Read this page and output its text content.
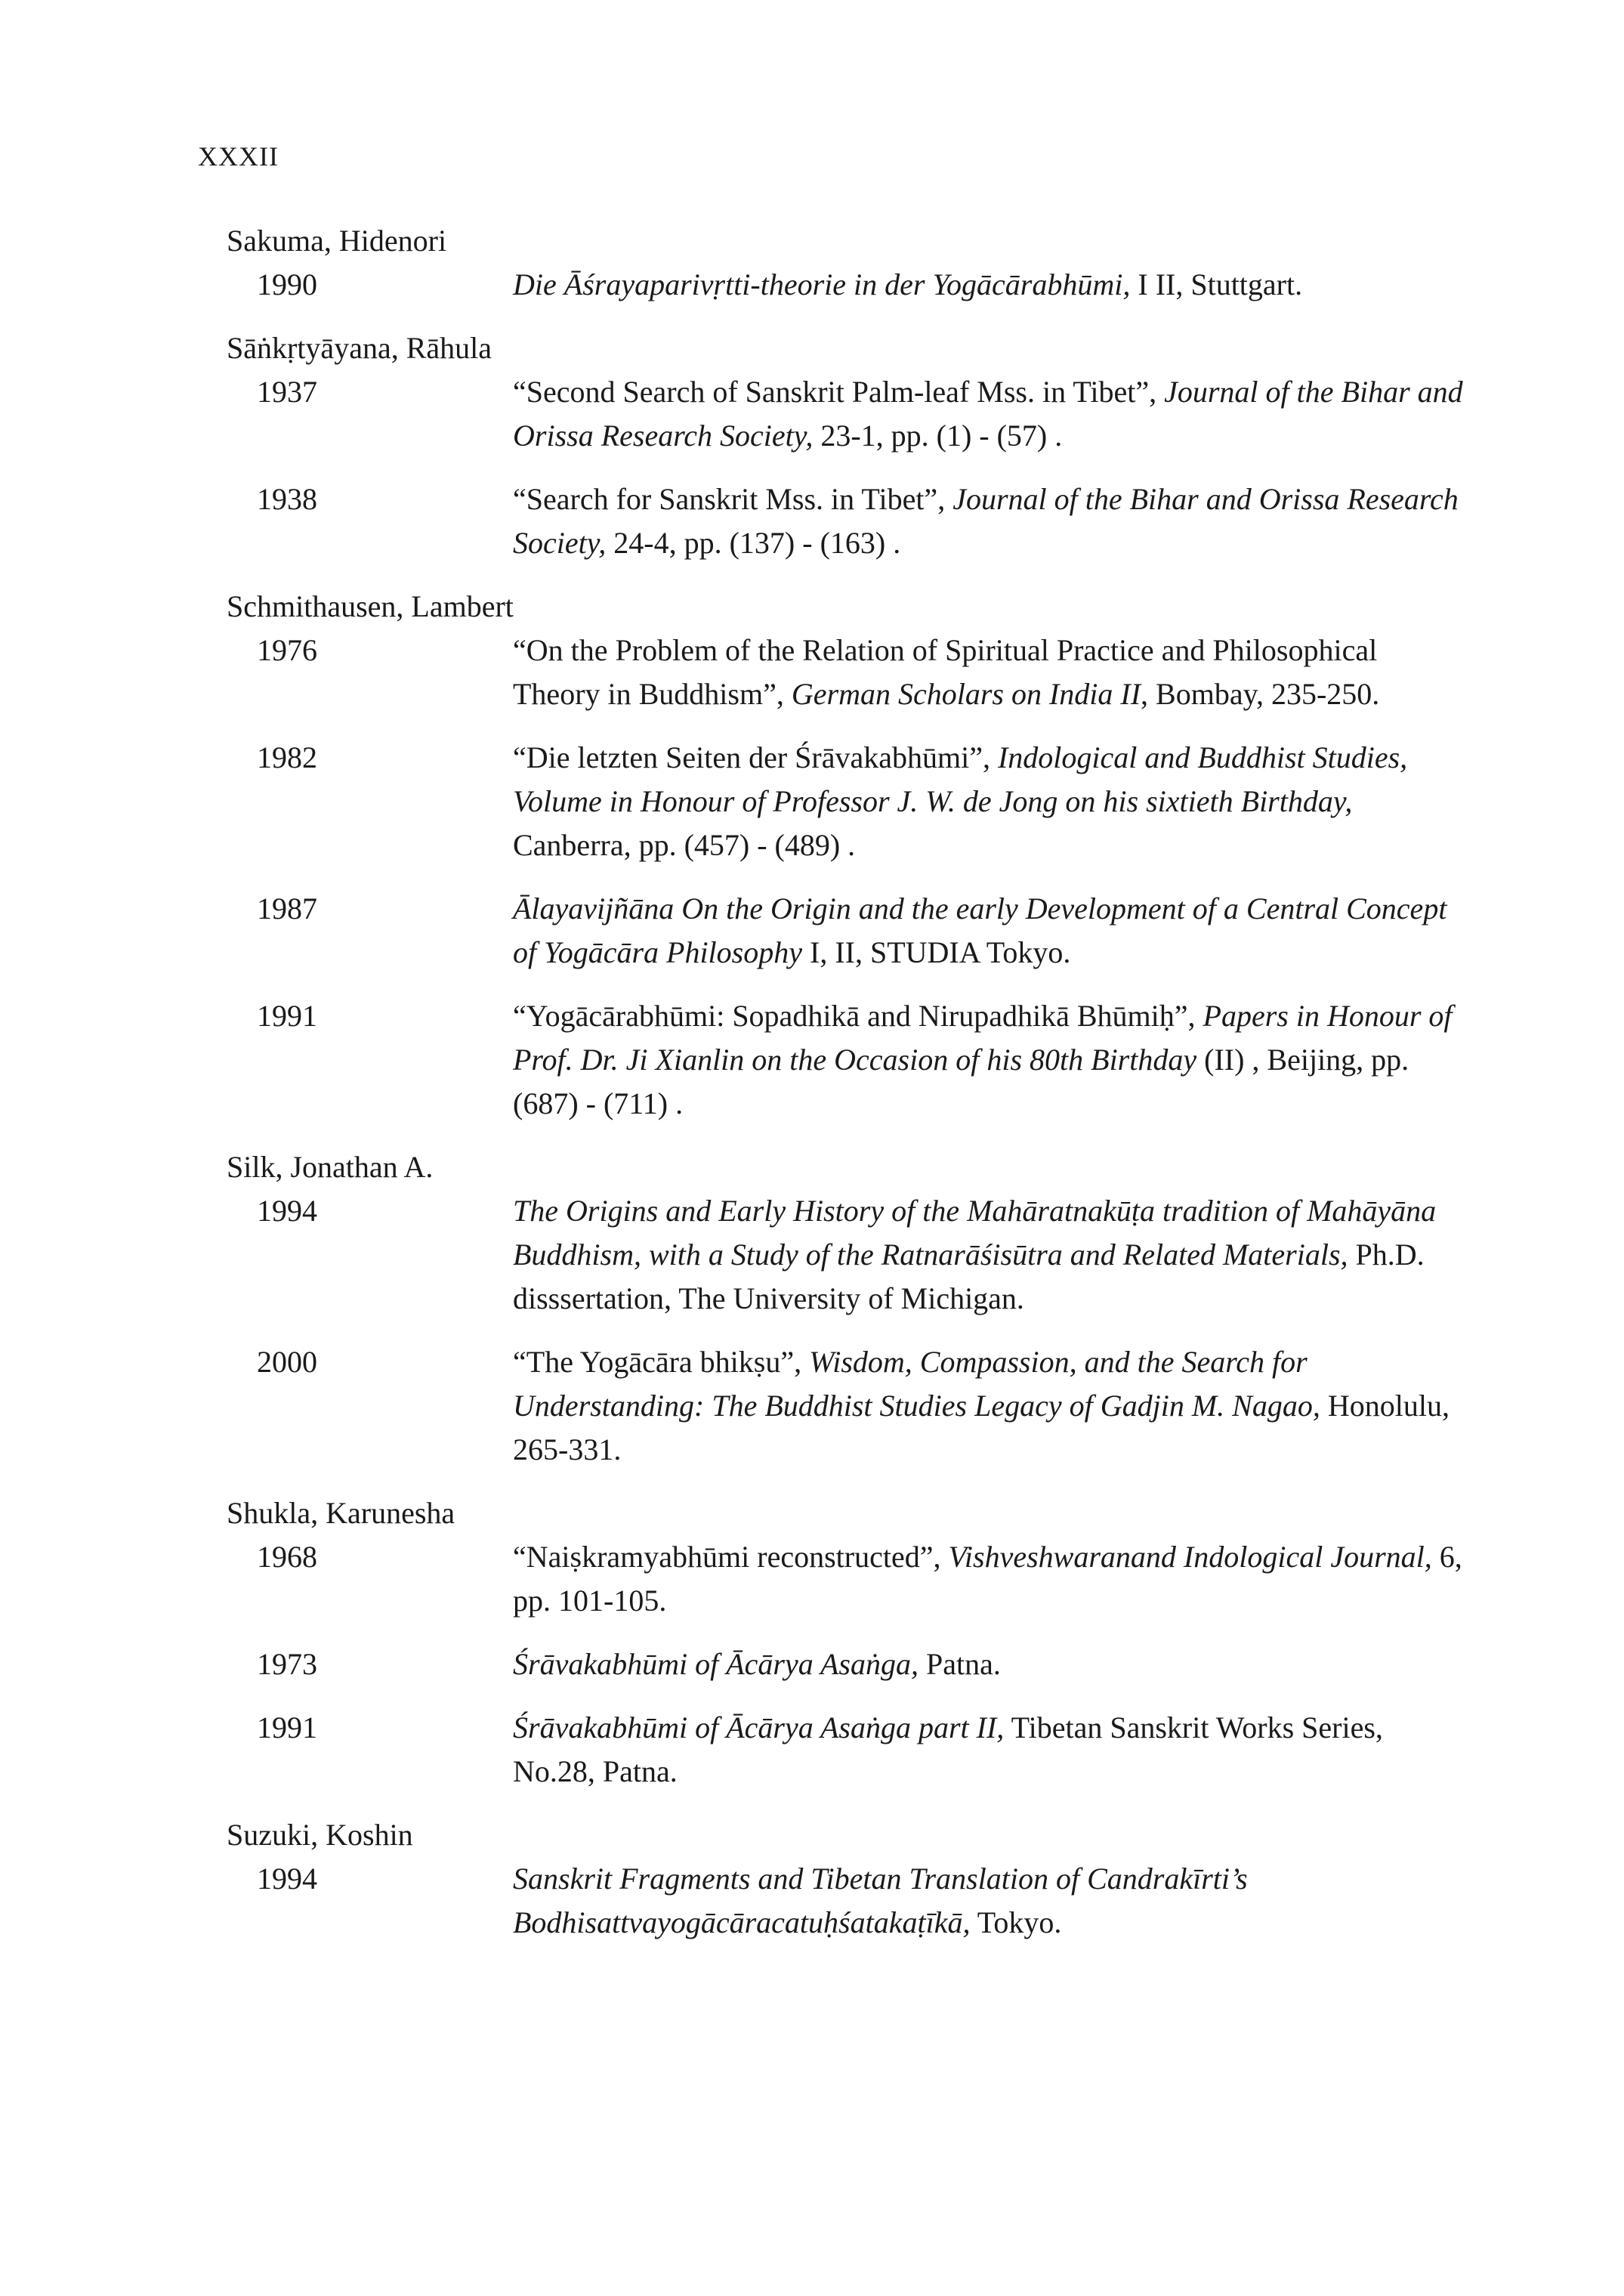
XXXII
Sakuma, Hidenori
1990	Die Āśrayaparivṛtti-theorie in der Yogācārabhūmi, I II, Stuttgart.
Sāṅkṛtyāyana, Rāhula
1937	“Second Search of Sanskrit Palm-leaf Mss. in Tibet”, Journal of the Bihar and Orissa Research Society, 23-1, pp. (1) - (57) .
1938	“Search for Sanskrit Mss. in Tibet”, Journal of the Bihar and Orissa Research Society, 24-4, pp. (137) - (163) .
Schmithausen, Lambert
1976	“On the Problem of the Relation of Spiritual Practice and Philosophical Theory in Buddhism”, German Scholars on India II, Bombay, 235-250.
1982	“Die letzten Seiten der Śrāvakabhūmi”, Indological and Buddhist Studies, Volume in Honour of Professor J. W. de Jong on his sixtieth Birthday, Canberra, pp. (457) - (489) .
1987	Ālayavijñāna On the Origin and the early Development of a Central Concept of Yogācāra Philosophy I, II, STUDIA Tokyo.
1991	“Yogācārabhūmi: Sopadhikā and Nirupadhikā Bhūmiḥ”, Papers in Honour of Prof. Dr. Ji Xianlin on the Occasion of his 80th Birthday (II) , Beijing, pp. (687) - (711) .
Silk, Jonathan A.
1994	The Origins and Early History of the Mahāratnakūṭa tradition of Mahāyāna Buddhism, with a Study of the Ratnarāśisūtra and Related Materials, Ph.D. disssertation, The University of Michigan.
2000	“The Yogācāra bhikṣu”, Wisdom, Compassion, and the Search for Understanding: The Buddhist Studies Legacy of Gadjin M. Nagao, Honolulu, 265-331.
Shukla, Karunesha
1968	“Naiṣkramyabhūmi reconstructed”, Vishveshwaranand Indological Journal, 6, pp. 101-105.
1973	Śrāvakabhūmi of Ācārya Asaṅga, Patna.
1991	Śrāvakabhūmi of Ācārya Asaṅga part II, Tibetan Sanskrit Works Series, No.28, Patna.
Suzuki, Koshin
1994	Sanskrit Fragments and Tibetan Translation of Candrakīrti’s Bodhisattvayogācāracatuḥśatakaṭīkā, Tokyo.
